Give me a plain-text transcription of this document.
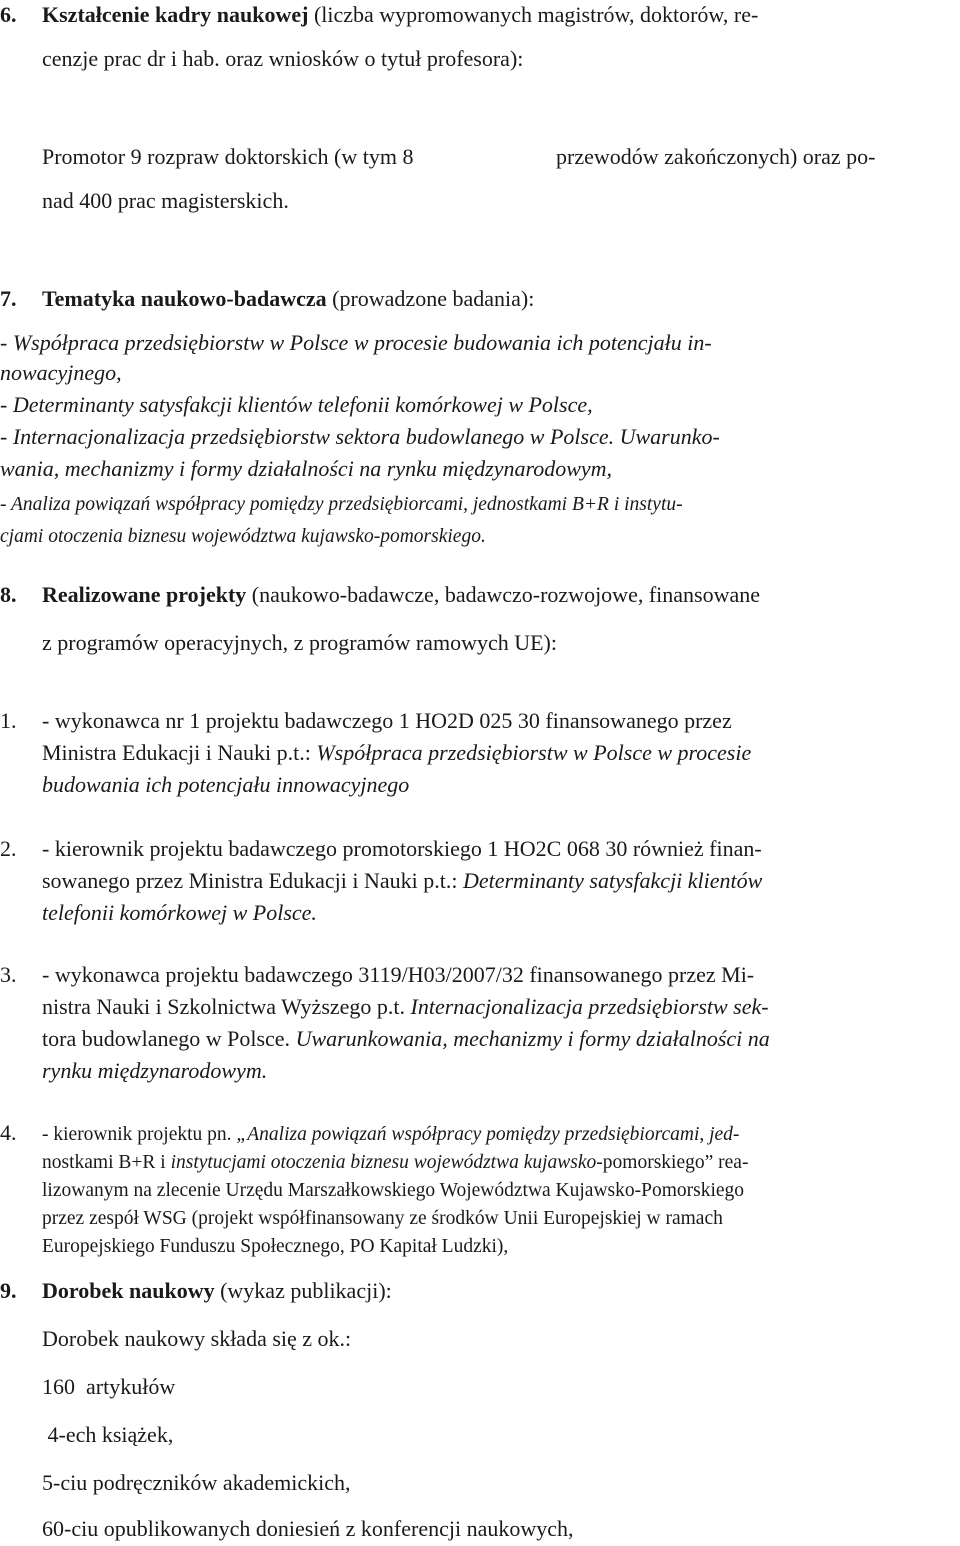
6. Kształcenie kadry naukowej (liczba wypromowanych magistrów, doktorów, re-
cenzje prac dr i hab. oraz wniosków o tytuł profesora):
Promotor 9 rozpraw doktorskich (w tym 8	przewodów zakończonych) oraz po-
nad 400 prac magisterskich.
7. Tematyka naukowo-badawcza (prowadzone badania):
- Współpraca przedsiębiorstw w Polsce w procesie budowania ich potencjału in-
nowacyjnego,
- Determinanty satysfakcji klientów telefonii komórkowej w Polsce,
- Internacjonalizacja przedsiębiorstw sektora budowlanego w Polsce. Uwarunko-
wania, mechanizmy i formy działalności na rynku międzynarodowym,
- Analiza powiązań współpracy pomiędzy przedsiębiorcami, jednostkami B+R i instytu-
cjami otoczenia biznesu województwa kujawsko-pomorskiego.
8. Realizowane projekty (naukowo-badawcze, badawczo-rozwojowe, finansowane
z programów operacyjnych, z programów ramowych UE):
1. - wykonawca nr 1 projektu badawczego 1 HO2D 025 30 finansowanego przez
Ministra Edukacji i Nauki p.t.: Współpraca przedsiębiorstw w Polsce w procesie
budowania ich potencjału innowacyjnego
2. - kierownik projektu badawczego promotorskiego 1 HO2C 068 30 również finan-
sowanego przez Ministra Edukacji i Nauki p.t.: Determinanty satysfakcji klientów
telefonii komórkowej w Polsce.
3. - wykonawca projektu badawczego 3119/H03/2007/32 finansowanego przez Mi-
nistra Nauki i Szkolnictwa Wyższego p.t. Internacjonalizacja przedsiębiorstw sek-
tora budowlanego w Polsce. Uwarunkowania, mechanizmy i formy działalności na
rynku międzynarodowym.
4. - kierownik projektu pn. „Analiza powiązań współpracy pomiędzy przedsiębiorcami, jed-
nostkami B+R i instytucjami otoczenia biznesu województwa kujawsko-pomorskiego” rea-
lizowanym na zlecenie Urzędu Marszałkowskiego Województwa Kujawsko-Pomorskiego
przez zespół WSG (projekt współfinansowany ze środków Unii Europejskiej w ramach
Europejskiego Funduszu Społecznego, PO Kapitał Ludzki),
9. Dorobek naukowy (wykaz publikacji):
Dorobek naukowy składa się z ok.:
160  artykułów
4-ech książek,
5-ciu podręczników akademickich,
60-ciu opublikowanych doniesień z konferencji naukowych,
